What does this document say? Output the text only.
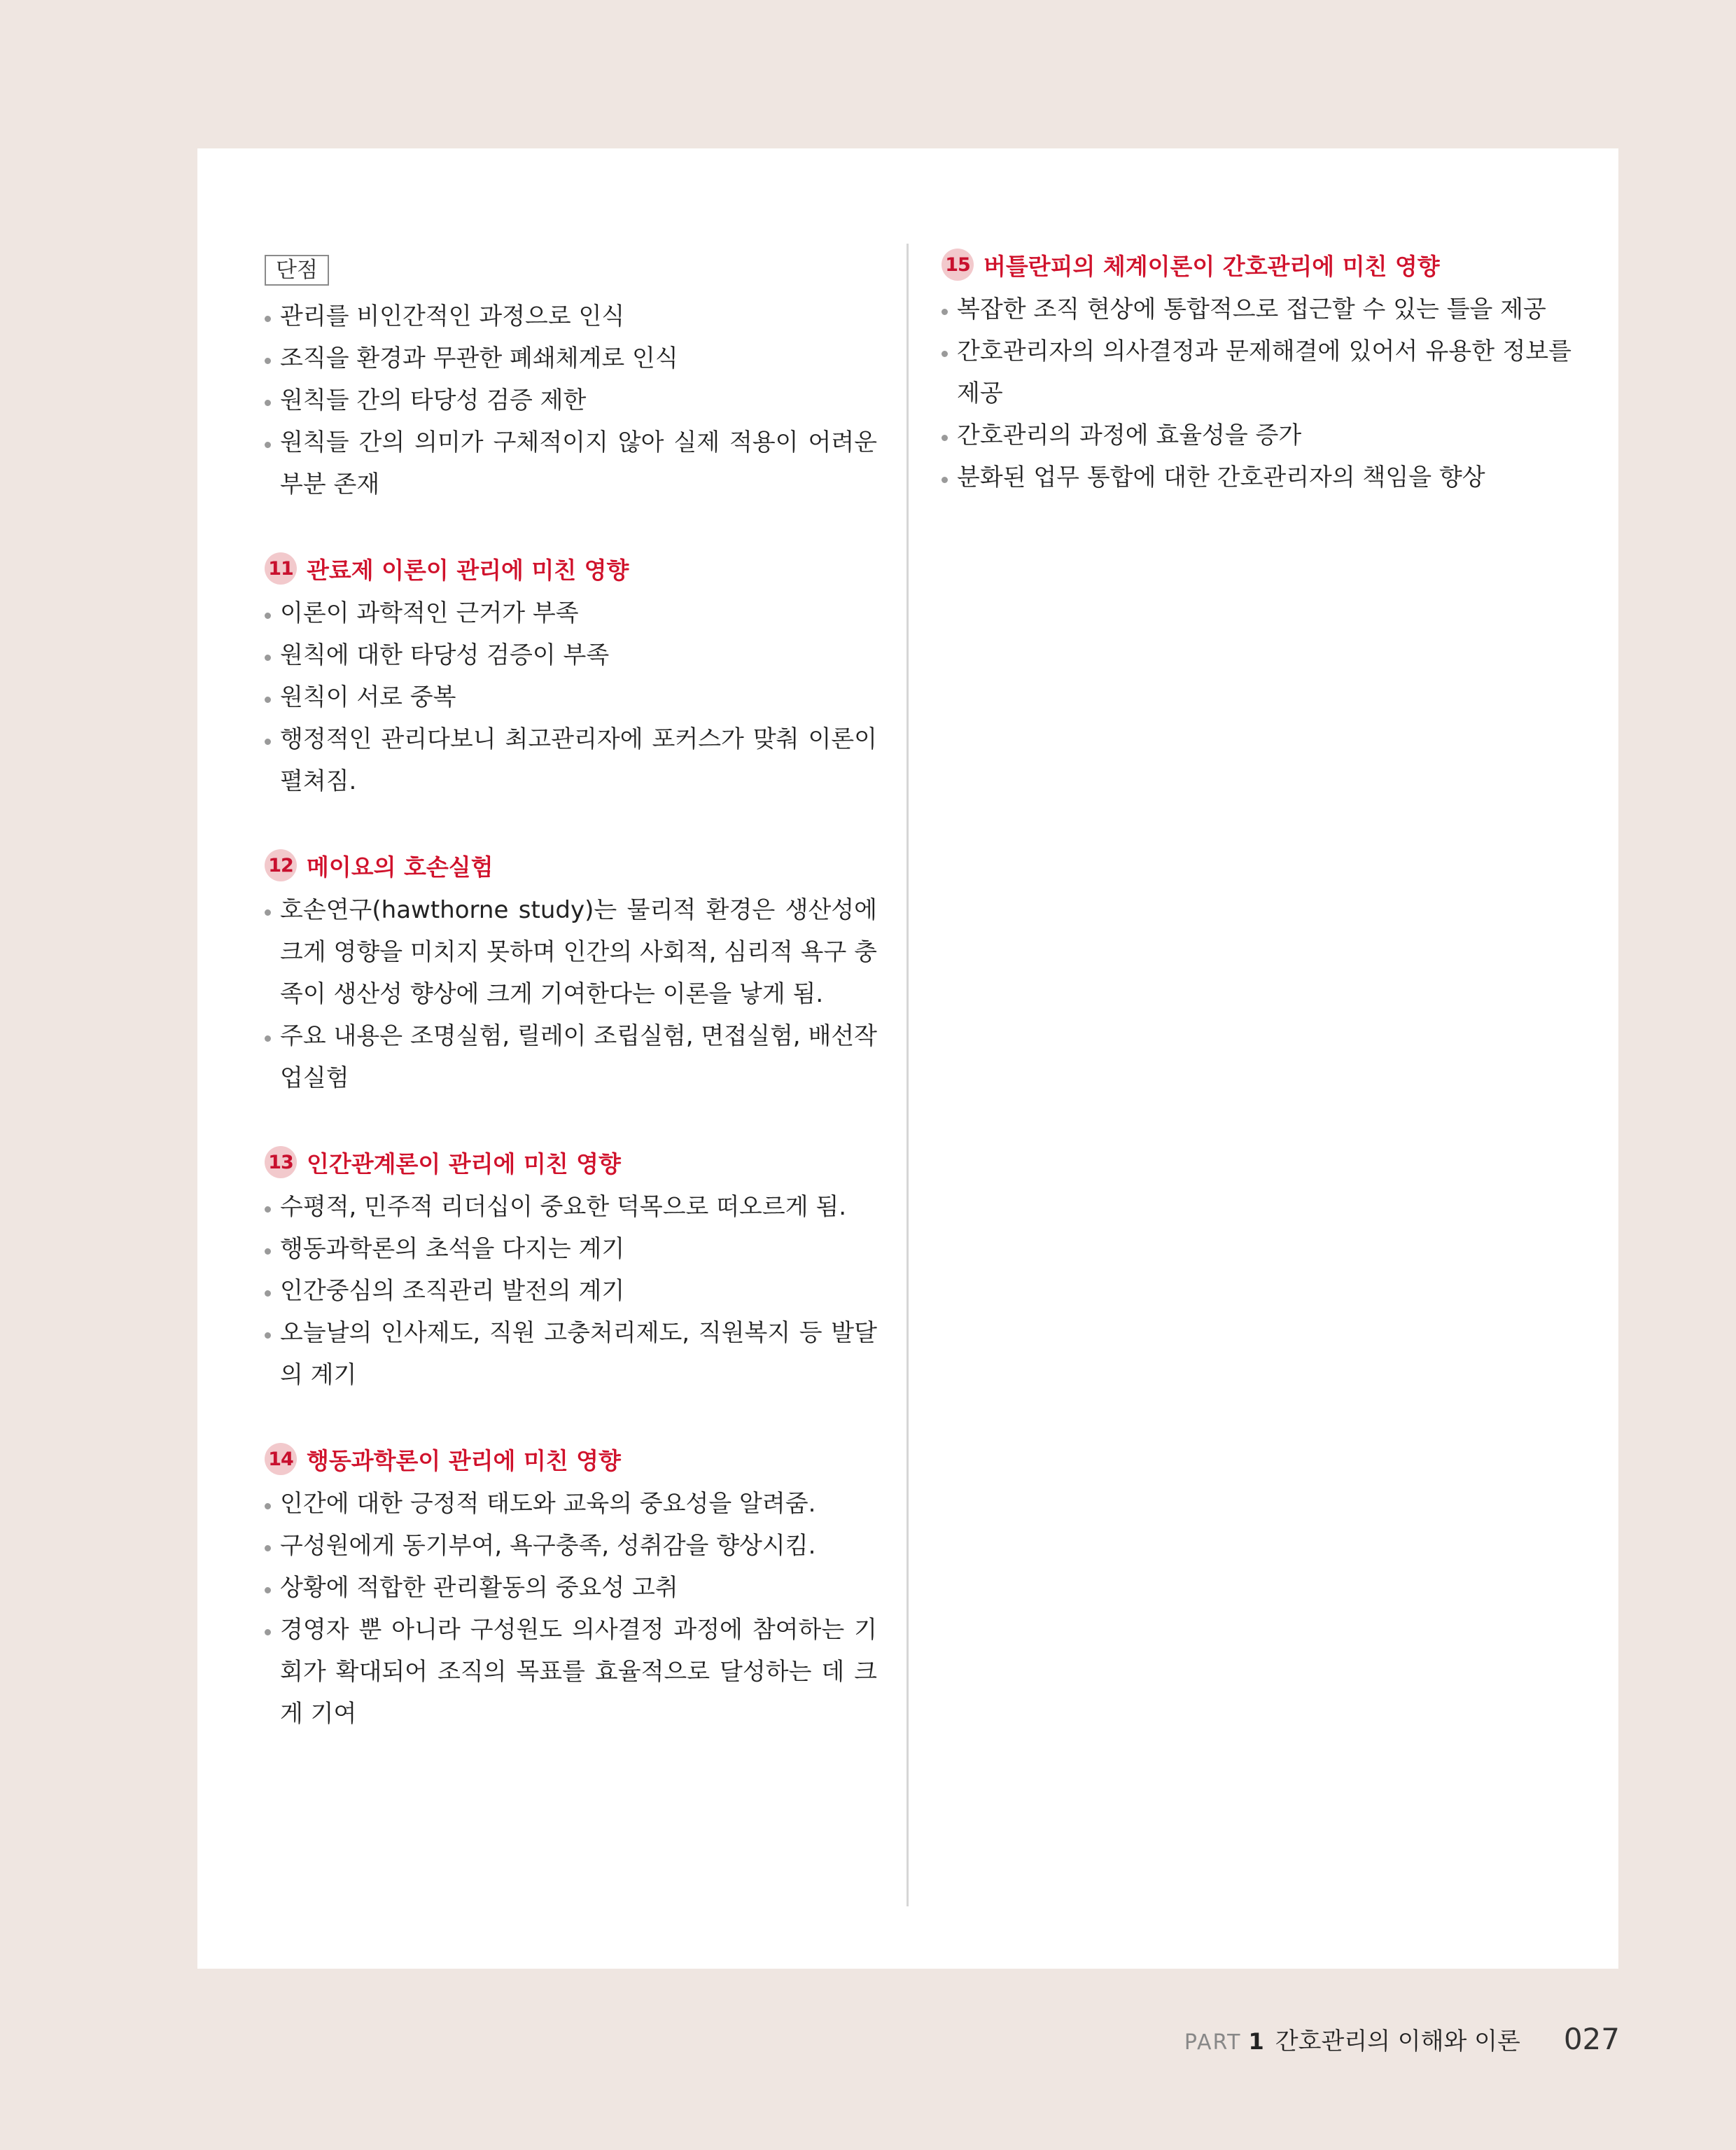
단점
관리를 비인간적인 과정으로 인식
조직을 환경과 무관한 폐쇄체계로 인식
원칙들 간의 타당성 검증 제한
원칙들 간의 의미가 구체적이지 않아 실제 적용이 어려운 부분 존재
11 관료제 이론이 관리에 미친 영향
이론이 과학적인 근거가 부족
원칙에 대한 타당성 검증이 부족
원칙이 서로 중복
행정적인 관리다보니 최고관리자에 포커스가 맞춰 이론이 펼쳐짐.
12 메이요의 호손실험
호손연구(hawthorne study)는 물리적 환경은 생산성에 크게 영향을 미치지 못하며 인간의 사회적, 심리적 욕구 충족이 생산성 향상에 크게 기여한다는 이론을 낳게 됨.
주요 내용은 조명실험, 릴레이 조립실험, 면접실험, 배선작업실험
13 인간관계론이 관리에 미친 영향
수평적, 민주적 리더십이 중요한 덕목으로 떠오르게 됨.
행동과학론의 초석을 다지는 계기
인간중심의 조직관리 발전의 계기
오늘날의 인사제도, 직원 고충처리제도, 직원복지 등 발달의 계기
14 행동과학론이 관리에 미친 영향
인간에 대한 긍정적 태도와 교육의 중요성을 알려줌.
구성원에게 동기부여, 욕구충족, 성취감을 향상시킴.
상황에 적합한 관리활동의 중요성 고취
경영자 뿐 아니라 구성원도 의사결정 과정에 참여하는 기회가 확대되어 조직의 목표를 효율적으로 달성하는 데 크게 기여
15 버틀란피의 체계이론이 간호관리에 미친 영향
복잡한 조직 현상에 통합적으로 접근할 수 있는 틀을 제공
간호관리자의 의사결정과 문제해결에 있어서 유용한 정보를 제공
간호관리의 과정에 효율성을 증가
분화된 업무 통합에 대한 간호관리자의 책임을 향상
PART 1 간호관리의 이해와 이론 027
